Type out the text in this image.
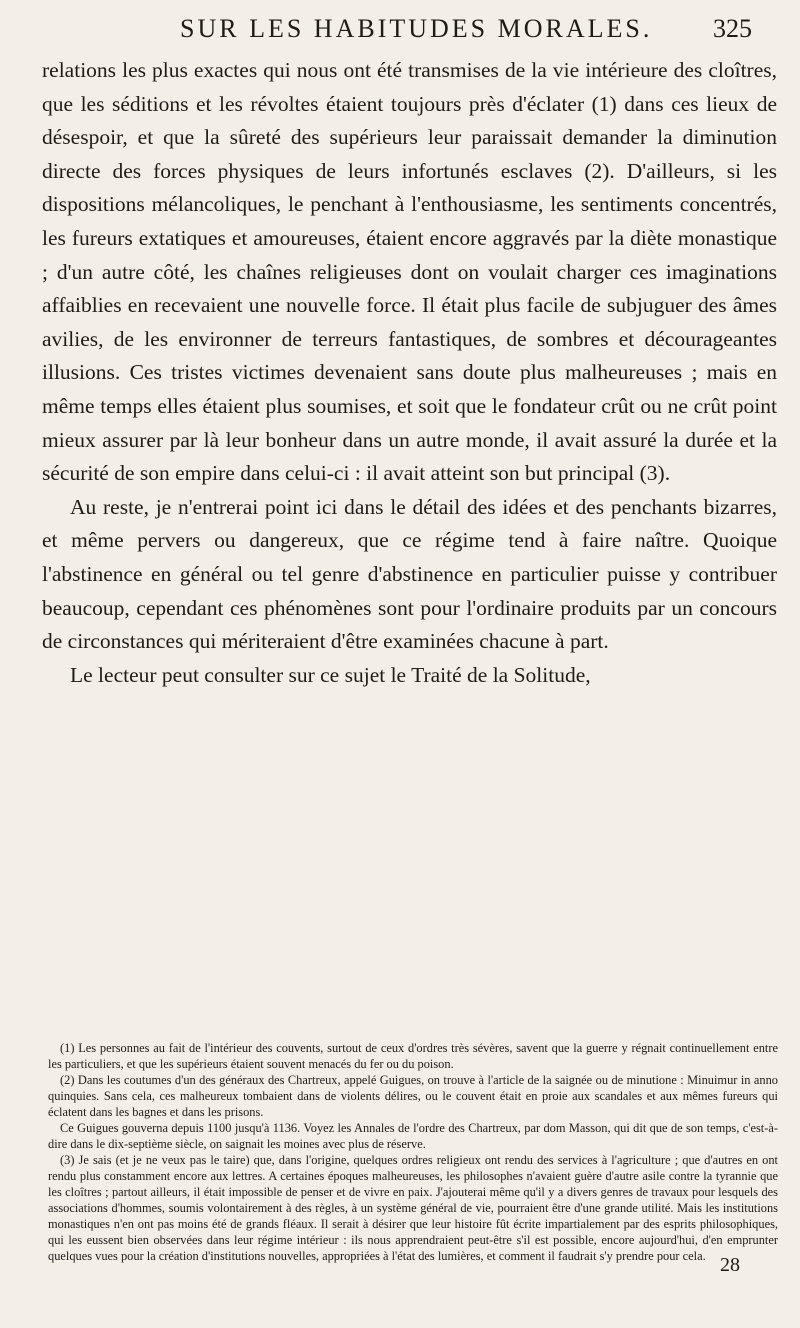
SUR LES HABITUDES MORALES. 325

relations les plus exactes qui nous ont été transmises de la vie intérieure des cloîtres, que les séditions et les révoltes étaient toujours près d'éclater (1) dans ces lieux de désespoir, et que la sûreté des supérieurs leur paraissait demander la diminution directe des forces physiques de leurs infortunés esclaves (2). D'ailleurs, si les dispositions mélancoliques, le penchant à l'enthousiasme, les sentiments concentrés, les fureurs extatiques et amoureuses, étaient encore aggravés par la diète monastique ; d'un autre côté, les chaînes religieuses dont on voulait charger ces imaginations affaiblies en recevaient une nouvelle force. Il était plus facile de subjuguer des âmes avilies, de les environner de terreurs fantastiques, de sombres et décourageantes illusions. Ces tristes victimes devenaient sans doute plus malheureuses ; mais en même temps elles étaient plus soumises, et soit que le fondateur crût ou ne crût point mieux assurer par là leur bonheur dans un autre monde, il avait assuré la durée et la sécurité de son empire dans celui-ci : il avait atteint son but principal (3).

Au reste, je n'entrerai point ici dans le détail des idées et des penchants bizarres, et même pervers ou dangereux, que ce régime tend à faire naître. Quoique l'abstinence en général ou tel genre d'abstinence en particulier puisse y contribuer beaucoup, cependant ces phénomènes sont pour l'ordinaire produits par un concours de circonstances qui mériteraient d'être examinées chacune à part.

Le lecteur peut consulter sur ce sujet le Traité de la Solitude,

(1) Les personnes au fait de l'intérieur des couvents, surtout de ceux d'ordres très sévères, savent que la guerre y régnait continuellement entre les particuliers, et que les supérieurs étaient souvent menacés du fer ou du poison.

(2) Dans les coutumes d'un des généraux des Chartreux, appelé Guigues, on trouve à l'article de la saignée ou de minutione : Minuimur in anno quinquies. Sans cela, ces malheureux tombaient dans de violents délires, ou le couvent était en proie aux scandales et aux mêmes fureurs qui éclatent dans les bagnes et dans les prisons.

Ce Guigues gouverna depuis 1100 jusqu'à 1136. Voyez les Annales de l'ordre des Chartreux, par dom Masson, qui dit que de son temps, c'est-à-dire dans le dix-septième siècle, on saignait les moines avec plus de réserve.

(3) Je sais (et je ne veux pas le taire) que, dans l'origine, quelques ordres religieux ont rendu des services à l'agriculture ; que d'autres en ont rendu plus constamment encore aux lettres. A certaines époques malheureuses, les philosophes n'avaient guère d'autre asile contre la tyrannie que les cloîtres ; partout ailleurs, il était impossible de penser et de vivre en paix. J'ajouterai même qu'il y a divers genres de travaux pour lesquels des associations d'hommes, soumis volontairement à des règles, à un système général de vie, pourraient être d'une grande utilité. Mais les institutions monastiques n'en ont pas moins été de grands fléaux. Il serait à désirer que leur histoire fût écrite impartialement par des esprits philosophiques, qui les eussent bien observées dans leur régime intérieur : ils nous apprendraient peut-être s'il est possible, encore aujourd'hui, d'en emprunter quelques vues pour la création d'institutions nouvelles, appropriées à l'état des lumières, et comment il faudrait s'y prendre pour cela. 28
